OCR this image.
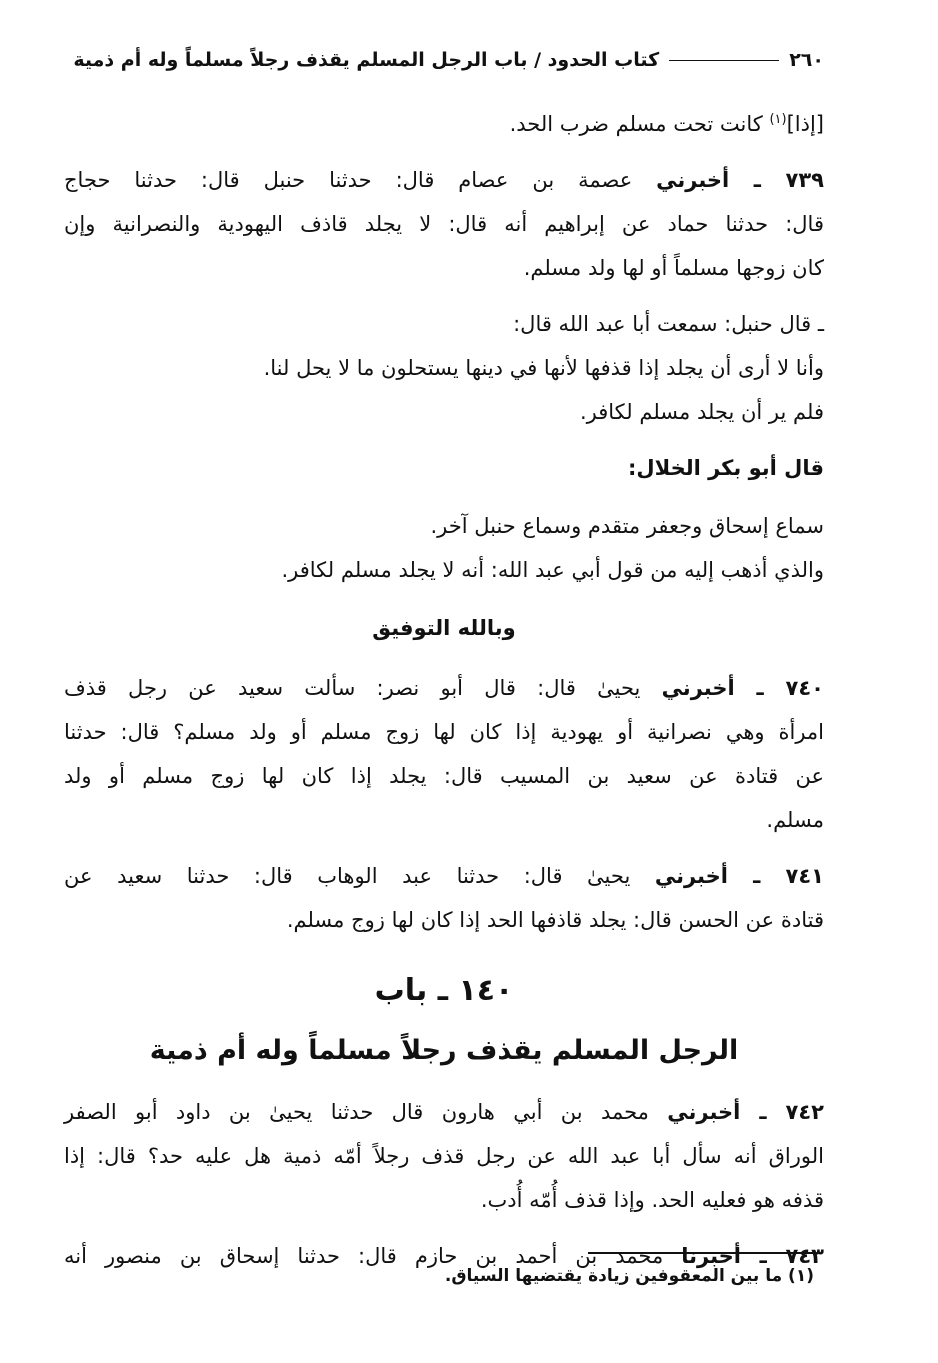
٢٦٠
كتاب الحدود / باب الرجل المسلم يقذف رجلاً مسلماً وله أم ذمية

[إذا]$^{(١)}$ كانت تحت مسلم ضرب الحد.

٧٣٩ ـ أخبرني عصمة بن عصام قال: حدثنا حنبل قال: حدثنا حجاج
قال: حدثنا حماد عن إبراهيم أنه قال: لا يجلد قاذف اليهودية والنصرانية وإن
كان زوجها مسلماً أو لها ولد مسلم.

ـ قال حنبل: سمعت أبا عبد الله قال:
وأنا لا أرى أن يجلد إذا قذفها لأنها في دينها يستحلون ما لا يحل لنا.
فلم ير أن يجلد مسلم لكافر.

قال أبو بكر الخلال:

سماع إسحاق وجعفر متقدم وسماع حنبل آخر.
والذي أذهب إليه من قول أبي عبد الله: أنه لا يجلد مسلم لكافر.

وبالله التوفيق

٧٤٠ ـ أخبرني يحيىٰ قال: قال أبو نصر: سألت سعيد عن رجل قذف
امرأة وهي نصرانية أو يهودية إذا كان لها زوج مسلم أو ولد مسلم؟ قال: حدثنا
عن قتادة عن سعيد بن المسيب قال: يجلد إذا كان لها زوج مسلم أو ولد
مسلم.

٧٤١ ـ أخبرني يحيىٰ قال: حدثنا عبد الوهاب قال: حدثنا سعيد عن
قتادة عن الحسن قال: يجلد قاذفها الحد إذا كان لها زوج مسلم.

١٤٠ ـ باب
الرجل المسلم يقذف رجلاً مسلماً وله أم ذمية

٧٤٢ ـ أخبرني محمد بن أبي هارون قال حدثنا يحيىٰ بن داود أبو الصفر
الوراق أنه سأل أبا عبد الله عن رجل قذف رجلاً أمّه ذمية هل عليه حد؟ قال: إذا
قذفه هو فعليه الحد. وإذا قذف أُمّه أُدب.

٧٤٣ ـ أخبرنا محمد بن أحمد بن حازم قال: حدثنا إسحاق بن منصور أنه

(١) ما بين المعقوفين زيادة يقتضيها السياق.
